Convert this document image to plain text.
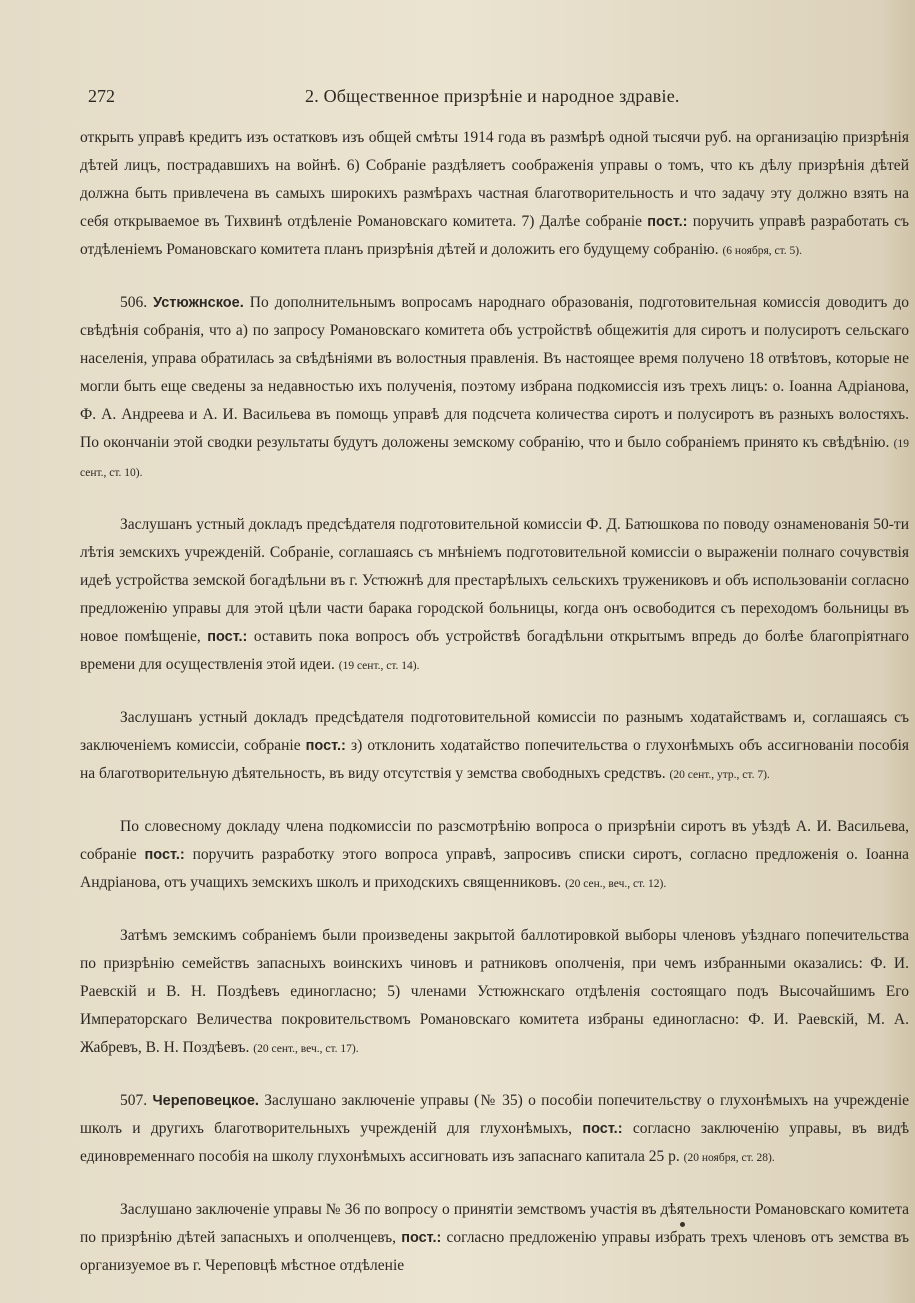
272	2. Общественное призрѣніе и народное здравіе.

открыть управѣ кредитъ изъ остатковъ изъ общей смѣты 1914 года въ размѣрѣ одной тысячи руб. на организацію призрѣнія дѣтей лицъ, пострадавшихъ на войнѣ. 6) Собраніе раздѣляетъ соображенія управы о томъ, что къ дѣлу призрѣнія дѣтей должна быть привлечена въ самыхъ широкихъ размѣрахъ частная благотворительность и что задачу эту должно взять на себя открываемое въ Тихвинѣ отдѣленіе Романовскаго комитета. 7) Далѣе собраніе пост.: поручить управѣ разработать съ отдѣленіемъ Романовскаго комитета планъ призрѣнія дѣтей и доложить его будущему собранію. (6 ноября, ст. 5).

506. Устюжнское. По дополнительнымъ вопросамъ народнаго образованія, подготовительная комиссія доводитъ до свѣдѣнія собранія, что а) по запросу Романовскаго комитета объ устройствѣ общежитія для сиротъ и полусиротъ сельскаго населенія, управа обратилась за свѣдѣніями въ волостныя правленія. Въ настоящее время получено 18 отвѣтовъ, которые не могли быть еще сведены за недавностью ихъ полученія, поэтому избрана подкомиссія изъ трехъ лицъ: о. Іоанна Адріанова, Ф. А. Андреева и А. И. Васильева въ помощь управѣ для подсчета количества сиротъ и полусиротъ въ разныхъ волостяхъ. По окончаніи этой сводки результаты будутъ доложены земскому собранію, что и было собраніемъ принято къ свѣдѣнію. (19 сент., ст. 10).

Заслушанъ устный докладъ предсѣдателя подготовительной комиссіи Ф. Д. Батюшкова по поводу ознаменованія 50-ти лѣтія земскихъ учрежденій. Собраніе, соглашаясь съ мнѣніемъ подготовительной комиссіи о выраженіи полнаго сочувствія идеѣ устройства земской богадѣльни въ г. Устюжнѣ для престарѣлыхъ сельскихъ тружениковъ и объ использованіи согласно предложенію управы для этой цѣли части барака городской больницы, когда онъ освободится съ переходомъ больницы въ новое помѣщеніе, пост.: оставить пока вопросъ объ устройствѣ богадѣльни открытымъ впредь до болѣе благопріятнаго времени для осуществленія этой идеи. (19 сент., ст. 14).

Заслушанъ устный докладъ предсѣдателя подготовительной комиссіи по разнымъ ходатайствамъ и, соглашаясь съ заключеніемъ комиссіи, собраніе пост.: з) отклонить ходатайство попечительства о глухонѣмыхъ объ ассигнованіи пособія на благотворительную дѣятельность, въ виду отсутствія у земства свободныхъ средствъ. (20 сент., утр., ст. 7).

По словесному докладу члена подкомиссіи по разсмотрѣнію вопроса о призрѣніи сиротъ въ уѣздѣ А. И. Васильева, собраніе пост.: поручить разработку этого вопроса управѣ, запросивъ списки сиротъ, согласно предложенія о. Іоанна Андріанова, отъ учащихъ земскихъ школъ и приходскихъ священниковъ. (20 сен., веч., ст. 12).

Затѣмъ земскимъ собраніемъ были произведены закрытой баллотировкой выборы членовъ уѣзднаго попечительства по призрѣнію семействъ запасныхъ воинскихъ чиновъ и ратниковъ ополченія, при чемъ избранными оказались: Ф. И. Раевскій и В. Н. Поздѣевъ единогласно; 5) членами Устюжнскаго отдѣленія состоящаго подъ Высочайшимъ Его Императорскаго Величества покровительствомъ Романовскаго комитета избраны единогласно: Ф. И. Раевскій, М. А. Жабревъ, В. Н. Поздѣевъ. (20 сент., веч., ст. 17).

507. Череповецкое. Заслушано заключеніе управы (№ 35) о пособіи попечительству о глухонѣмыхъ на учрежденіе школъ и другихъ благотворительныхъ учрежденій для глухонѣмыхъ, пост.: согласно заключенію управы, въ видѣ единовременнаго пособія на школу глухонѣмыхъ ассигновать изъ запаснаго капитала 25 р. (20 ноября, ст. 28).

Заслушано заключеніе управы № 36 по вопросу о принятіи земствомъ участія въ дѣятельности Романовскаго комитета по призрѣнію дѣтей запасныхъ и ополченцевъ, пост.: согласно предложенію управы избрать трехъ членовъ отъ земства въ организуемое въ г. Череповцѣ мѣстное отдѣленіе
